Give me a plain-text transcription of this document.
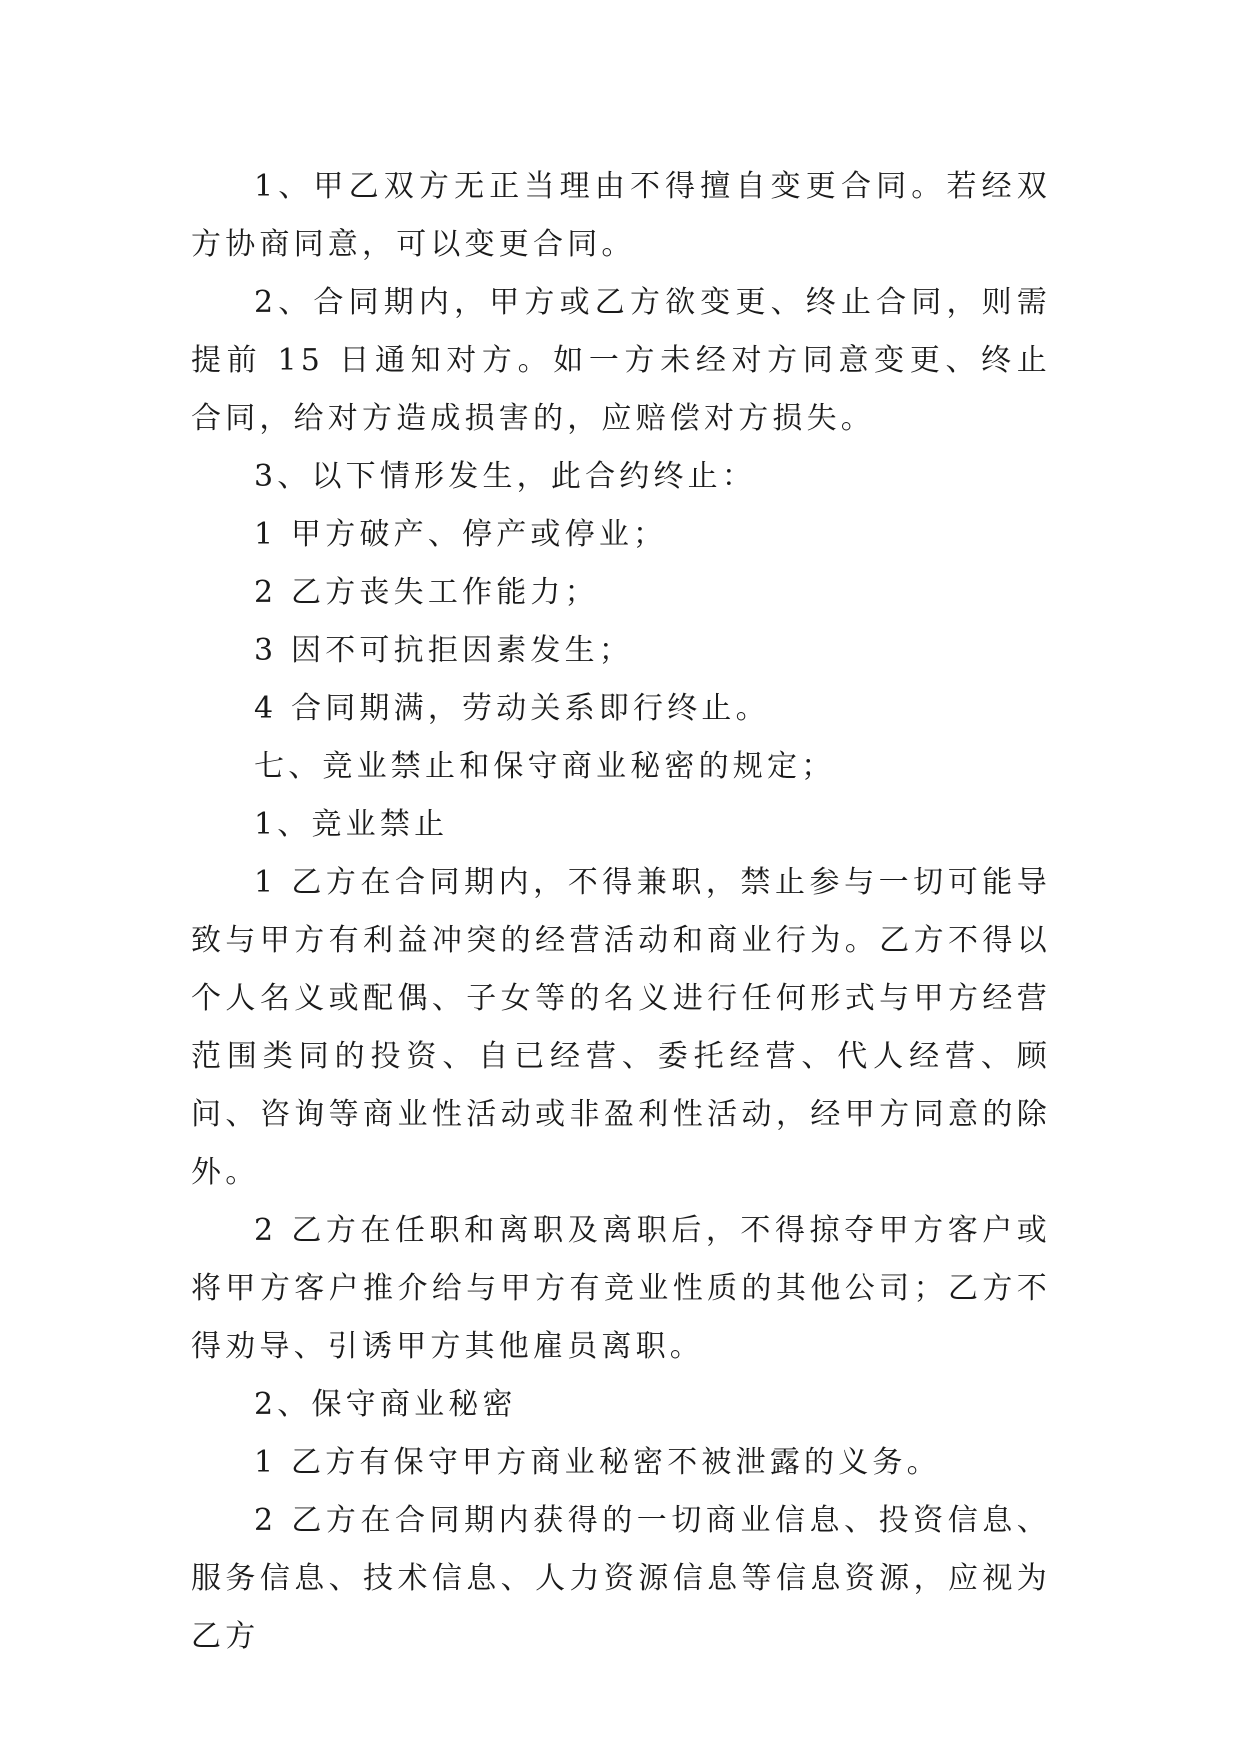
1、甲乙双方无正当理由不得擅自变更合同。若经双方协商同意，可以变更合同。

2、合同期内，甲方或乙方欲变更、终止合同，则需提前 15 日通知对方。如一方未经对方同意变更、终止合同，给对方造成损害的，应赔偿对方损失。

3、以下情形发生，此合约终止：

1 甲方破产、停产或停业；

2 乙方丧失工作能力；

3 因不可抗拒因素发生；

4 合同期满，劳动关系即行终止。

七、竞业禁止和保守商业秘密的规定；

1、竞业禁止

1 乙方在合同期内，不得兼职，禁止参与一切可能导致与甲方有利益冲突的经营活动和商业行为。乙方不得以个人名义或配偶、子女等的名义进行任何形式与甲方经营范围类同的投资、自已经营、委托经营、代人经营、顾问、咨询等商业性活动或非盈利性活动，经甲方同意的除外。

2 乙方在任职和离职及离职后，不得掠夺甲方客户或将甲方客户推介给与甲方有竞业性质的其他公司；乙方不得劝导、引诱甲方其他雇员离职。

2、保守商业秘密

1 乙方有保守甲方商业秘密不被泄露的义务。

2 乙方在合同期内获得的一切商业信息、投资信息、服务信息、技术信息、人力资源信息等信息资源，应视为乙方
